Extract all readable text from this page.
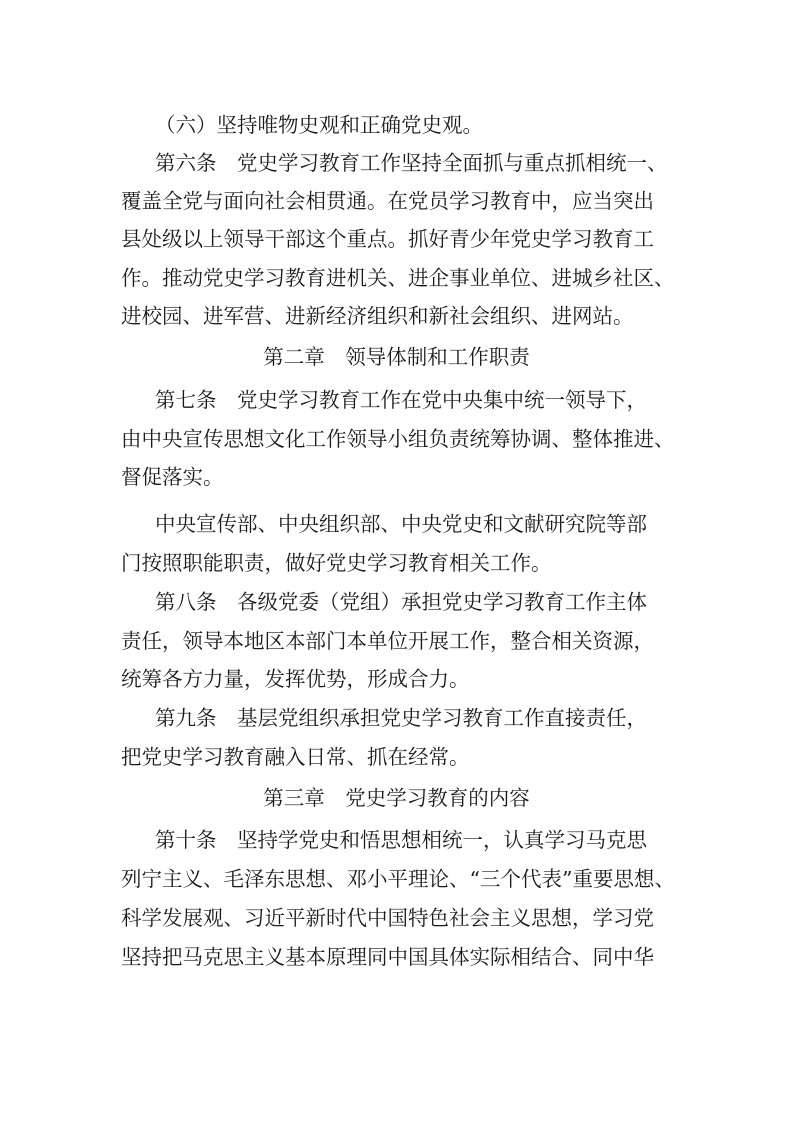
（六）坚持唯物史观和正确党史观。
第六条　党史学习教育工作坚持全面抓与重点抓相统一、
覆盖全党与面向社会相贯通。在党员学习教育中，应当突出
县处级以上领导干部这个重点。抓好青少年党史学习教育工
作。推动党史学习教育进机关、进企事业单位、进城乡社区、
进校园、进军营、进新经济组织和新社会组织、进网站。
第二章　领导体制和工作职责
第七条　党史学习教育工作在党中央集中统一领导下，
由中央宣传思想文化工作领导小组负责统筹协调、整体推进、
督促落实。
中央宣传部、中央组织部、中央党史和文献研究院等部
门按照职能职责，做好党史学习教育相关工作。
第八条　各级党委（党组）承担党史学习教育工作主体
责任，领导本地区本部门本单位开展工作，整合相关资源，
统筹各方力量，发挥优势，形成合力。
第九条　基层党组织承担党史学习教育工作直接责任，
把党史学习教育融入日常、抓在经常。
第三章　党史学习教育的内容
第十条　坚持学党史和悟思想相统一，认真学习马克思
列宁主义、毛泽东思想、邓小平理论、“三个代表”重要思想、
科学发展观、习近平新时代中国特色社会主义思想，学习党
坚持把马克思主义基本原理同中国具体实际相结合、同中华
